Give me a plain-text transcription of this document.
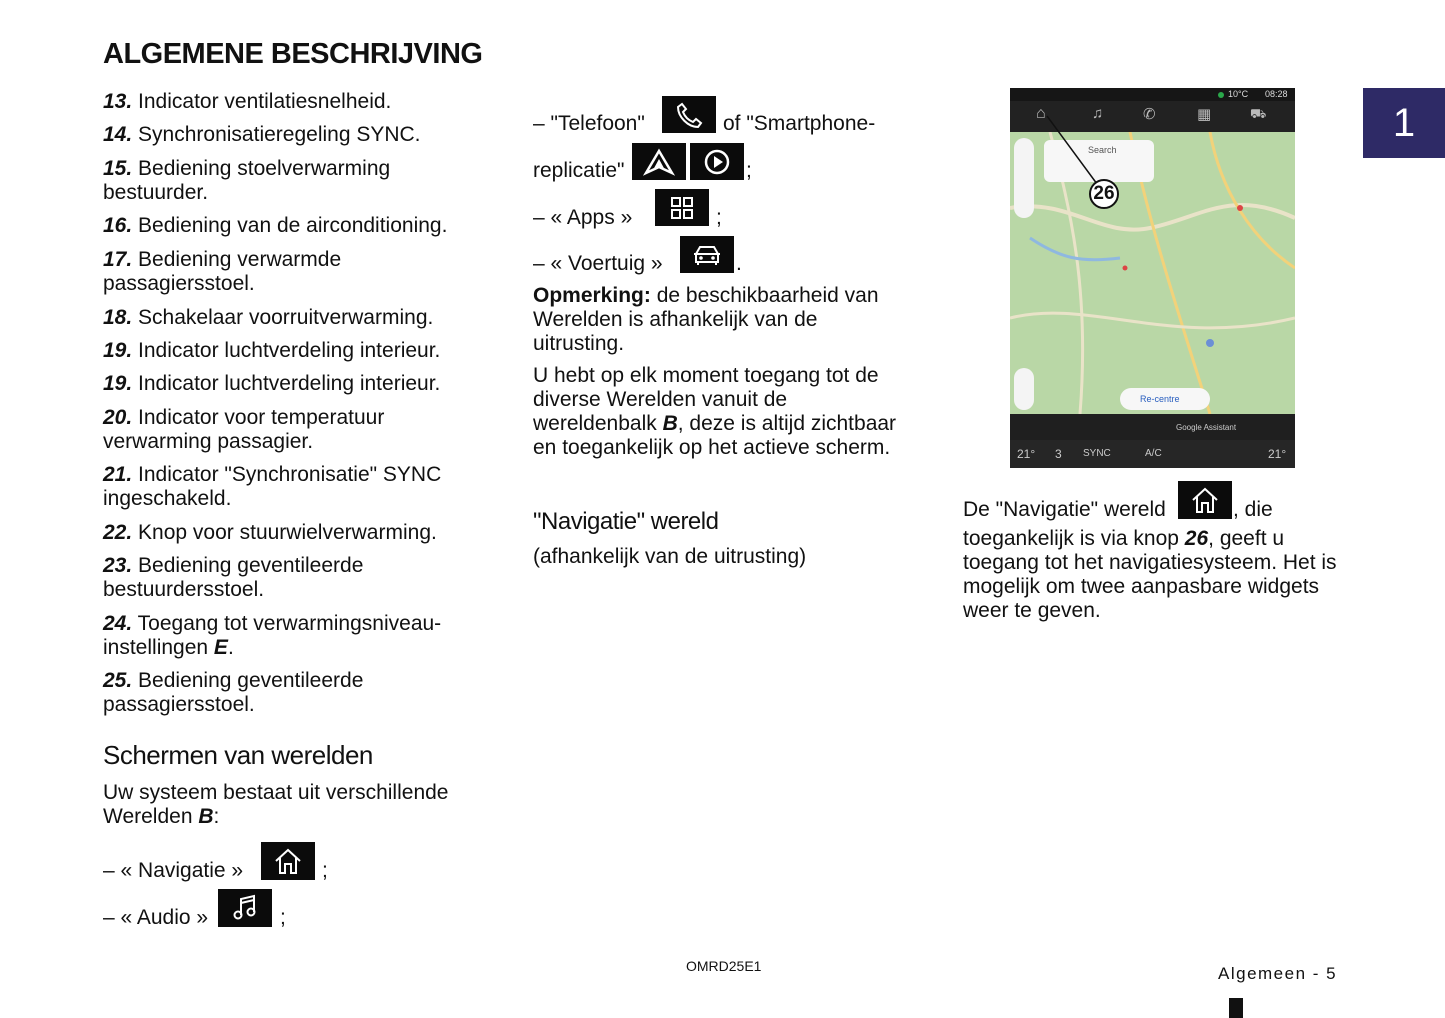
ALGEMENE BESCHRIJVING
13. Indicator ventilatiesnelheid.
14. Synchronisatieregeling SYNC.
15. Bediening stoelverwarming bestuurder.
16. Bediening van de airconditioning.
17. Bediening verwarmde passagiersstoel.
18. Schakelaar voorruitverwarming.
19. Indicator luchtverdeling interieur.
19. Indicator luchtverdeling interieur.
20. Indicator voor temperatuur verwarming passagier.
21. Indicator "Synchronisatie" SYNC ingeschakeld.
22. Knop voor stuurwielverwarming.
23. Bediening geventileerde bestuurdersstoel.
24. Toegang tot verwarmingsniveau-instellingen E.
25. Bediening geventileerde passagiersstoel.
Schermen van werelden
Uw systeem bestaat uit verschillende Werelden B:
– « Navigatie »	;
– « Audio »	;
– "Telefoon"	of "Smartphone-
replicatie"	;
– « Apps »	;
– « Voertuig »	.
Opmerking: de beschikbaarheid van Werelden is afhankelijk van de uitrusting.
U hebt op elk moment toegang tot de diverse Werelden vanuit de wereldenbalk B, deze is altijd zichtbaar en toegankelijk op het actieve scherm.
"Navigatie" wereld
(afhankelijk van de uitrusting)
10°C 08:28
⌂	♫	✆	▦	⛟
Search
26
Re-centre
Google Assistant
21° 3 SYNC	A/C	21°
De "Navigatie" wereld	, die
toegankelijk is via knop 26, geeft u toegang tot het navigatiesysteem. Het is mogelijk om twee aanpasbare widgets weer te geven.
1
OMRD25E1	Algemeen - 5
